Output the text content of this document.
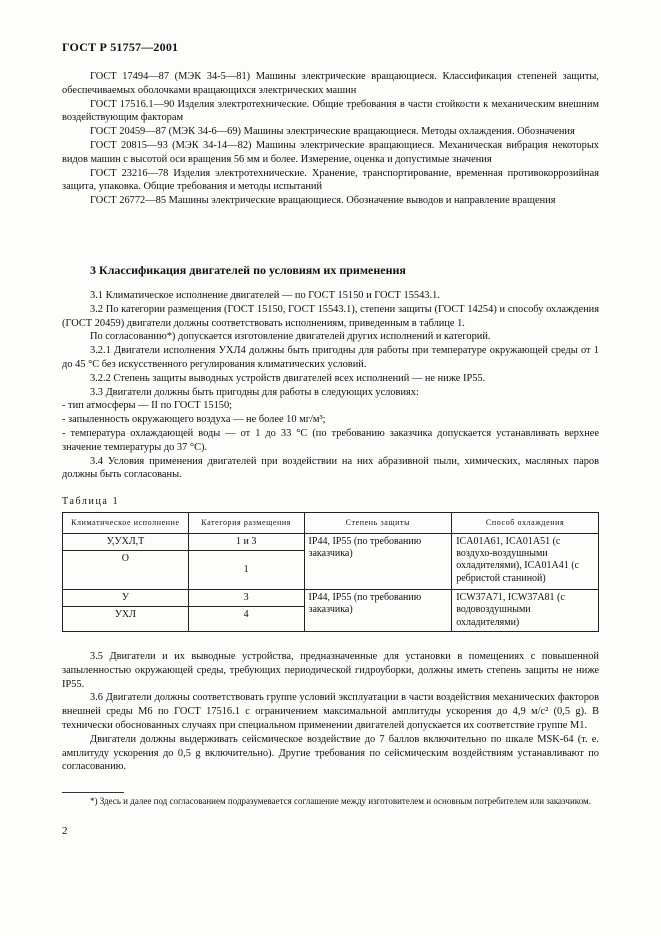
ГОСТ Р 51757—2001

ГОСТ 17494—87 (МЭК 34-5—81) Машины электрические вращающиеся. Классификация степеней защиты, обеспечиваемых оболочками вращающихся электрических машин

ГОСТ 17516.1—90 Изделия электротехнические. Общие требования в части стойкости к механическим внешним воздействующим факторам

ГОСТ 20459—87 (МЭК 34-6—69) Машины электрические вращающиеся. Методы охлаждения. Обозначения

ГОСТ 20815—93 (МЭК 34-14—82) Машины электрические вращающиеся. Механическая вибрация некоторых видов машин с высотой оси вращения 56 мм и более. Измерение, оценка и допустимые значения

ГОСТ 23216—78 Изделия электротехнические. Хранение, транспортирование, временная противокоррозийная защита, упаковка. Общие требования и методы испытаний

ГОСТ 26772—85 Машины электрические вращающиеся. Обозначение выводов и направление вращения

3 Классификация двигателей по условиям их применения

3.1 Климатическое исполнение двигателей — по ГОСТ 15150 и ГОСТ 15543.1.

3.2 По категории размещения (ГОСТ 15150, ГОСТ 15543.1), степени защиты (ГОСТ 14254) и способу охлаждения (ГОСТ 20459) двигатели должны соответствовать исполнениям, приведенным в таблице 1.

По согласованию*) допускается изготовление двигателей других исполнений и категорий.

3.2.1 Двигатели исполнения УХЛ4 должны быть пригодны для работы при температуре окружающей среды от 1 до 45 °С без искусственного регулирования климатических условий.

3.2.2 Степень защиты выводных устройств двигателей всех исполнений — не ниже IP55.

3.3 Двигатели должны быть пригодны для работы в следующих условиях:

- тип атмосферы — II по ГОСТ 15150;

- запыленность окружающего воздуха — не более 10 мг/м³;

- температура охлаждающей воды — от 1 до 33 °С (по требованию заказчика допускается устанавливать верхнее значение температуры до 37 °С).

3.4 Условия применения двигателей при воздействии на них абразивной пыли, химических, масляных паров должны быть согласованы.

Таблица 1
Климатическое исполнение	Категория размещения	Степень защиты	Способ охлаждения
У,УХЛ,Т	1 и 3	IP44, IP55 (по требованию заказчика)	ICA01A61, ICA01A51 (с воздухо-воздушными охладителями), ICA01A41 (с ребристой станиной)
О	1		
У	3	IP44, IP55 (по требованию заказчика)	ICW37A71, ICW37A81 (с водовоздушными охладителями)
УХЛ	4		

3.5 Двигатели и их выводные устройства, предназначенные для установки в помещениях с повышенной запыленностью окружающей среды, требующих периодической гидроуборки, должны иметь степень защиты не ниже IP55.

3.6 Двигатели должны соответствовать группе условий эксплуатации в части воздействия механических факторов внешней среды М6 по ГОСТ 17516.1 с ограничением максимальной амплитуды ускорения до 4,9 м/с² (0,5 g). В технически обоснованных случаях при специальном применении двигателей допускается их соответствие группе М1.

Двигатели должны выдерживать сейсмическое воздействие до 7 баллов включительно по шкале MSK-64 (т. е. амплитуду ускорения до 0,5 g включительно). Другие требования по сейсмическим воздействиям устанавливают по согласованию.

*) Здесь и далее под согласованием подразумевается соглашение между изготовителем и основным потребителем или заказчиком.

2
